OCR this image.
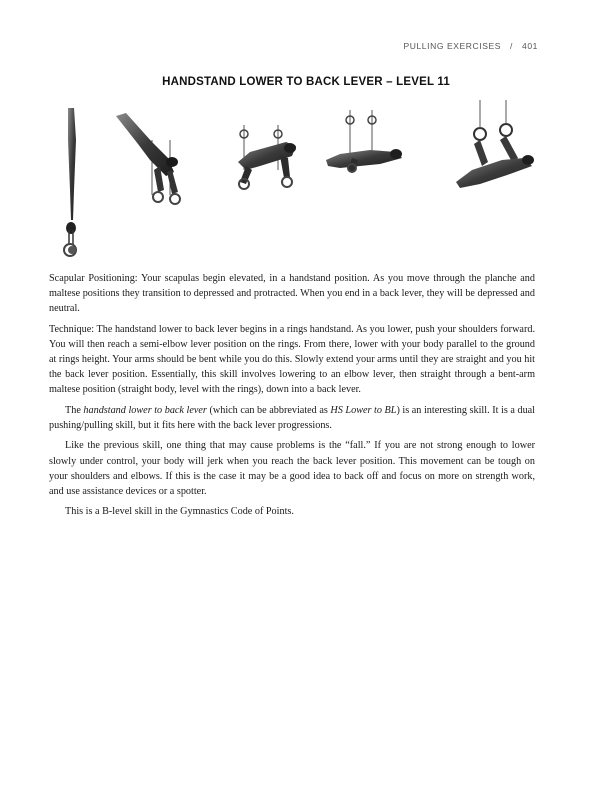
PULLING EXERCISES / 401
HANDSTAND LOWER TO BACK LEVER – LEVEL 11

Scapular Positioning: Your scapulas begin elevated, in a handstand position. As you move through the planche and maltese positions they transition to depressed and protracted. When you end in a back lever, they will be depressed and neutral.

Technique: The handstand lower to back lever begins in a rings handstand. As you lower, push your shoulders forward. You will then reach a semi-elbow lever position on the rings. From there, lower with your body parallel to the ground at rings height. Your arms should be bent while you do this. Slowly extend your arms until they are straight and you hit the back lever position. Essentially, this skill involves lowering to an elbow lever, then straight through a bent-arm maltese position (straight body, level with the rings), down into a back lever.

The handstand lower to back lever (which can be abbreviated as HS Lower to BL) is an interesting skill. It is a dual pushing/pulling skill, but it fits here with the back lever progressions.

Like the previous skill, one thing that may cause problems is the “fall.” If you are not strong enough to lower slowly under control, your body will jerk when you reach the back lever position. This movement can be tough on your shoulders and elbows. If this is the case it may be a good idea to back off and focus on more on strength work, and use assistance devices or a spotter.

This is a B-level skill in the Gymnastics Code of Points.
